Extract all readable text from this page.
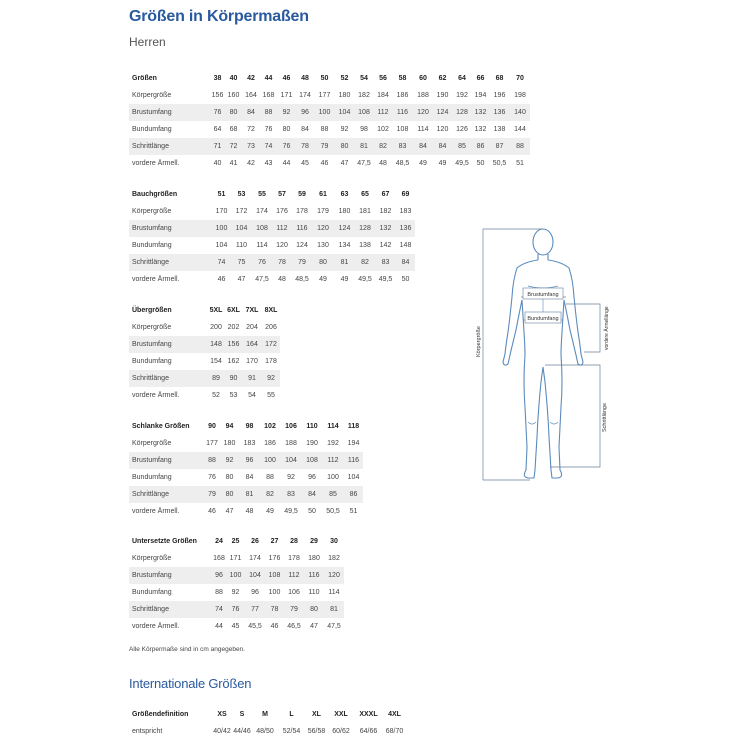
Größen in Körpermaßen
Herren
Größen	38	40	42	44	46	48	50	52	54	56	58	60	62	64	66	68	70
Körpergröße	156	160	164	168	171	174	177	180	182	184	186	188	190	192	194	196	198
Brustumfang	76	80	84	88	92	96	100	104	108	112	116	120	124	128	132	136	140
Bundumfang	64	68	72	76	80	84	88	92	98	102	108	114	120	126	132	138	144
Schrittlänge	71	72	73	74	76	78	79	80	81	82	83	84	84	85	86	87	88
vordere Ärmell.	40	41	42	43	44	45	46	47	47,5	48	48,5	49	49	49,5	50	50,5	51
Bauchgrößen	51	53	55	57	59	61	63	65	67	69
Körpergröße	170	172	174	176	178	179	180	181	182	183
Brustumfang	100	104	108	112	116	120	124	128	132	136
Bundumfang	104	110	114	120	124	130	134	138	142	148
Schrittlänge	74	75	76	78	79	80	81	82	83	84
vordere Ärmell.	46	47	47,5	48	48,5	49	49	49,5	49,5	50
Übergrößen	5XL	6XL	7XL	8XL
Körpergröße	200	202	204	206
Brustumfang	148	156	164	172
Bundumfang	154	162	170	178
Schrittlänge	89	90	91	92
vordere Ärmell.	52	53	54	55
Schlanke Größen	90	94	98	102	106	110	114	118
Körpergröße	177	180	183	186	188	190	192	194
Brustumfang	88	92	96	100	104	108	112	116
Bundumfang	76	80	84	88	92	96	100	104
Schrittlänge	79	80	81	82	83	84	85	86
vordere Ärmell.	46	47	48	49	49,5	50	50,5	51
Untersetzte Größen	24	25	26	27	28	29	30
Körpergröße	168	171	174	176	178	180	182
Brustumfang	96	100	104	108	112	116	120
Bundumfang	88	92	96	100	106	110	114
Schrittlänge	74	76	77	78	79	80	81
vordere Ärmell.	44	45	45,5	46	46,5	47	47,5
Größendefinition	XS	S	M	L	XL	XXL	XXXL	4XL
entspricht	40/42	44/46	48/50	52/54	56/58	60/62	64/66	68/70
Alle Körpermaße sind in cm angegeben.
Internationale Größen
Brustumfang
Bundumfang
Körpergröße	vordere Ärmellänge
Schrittlänge
